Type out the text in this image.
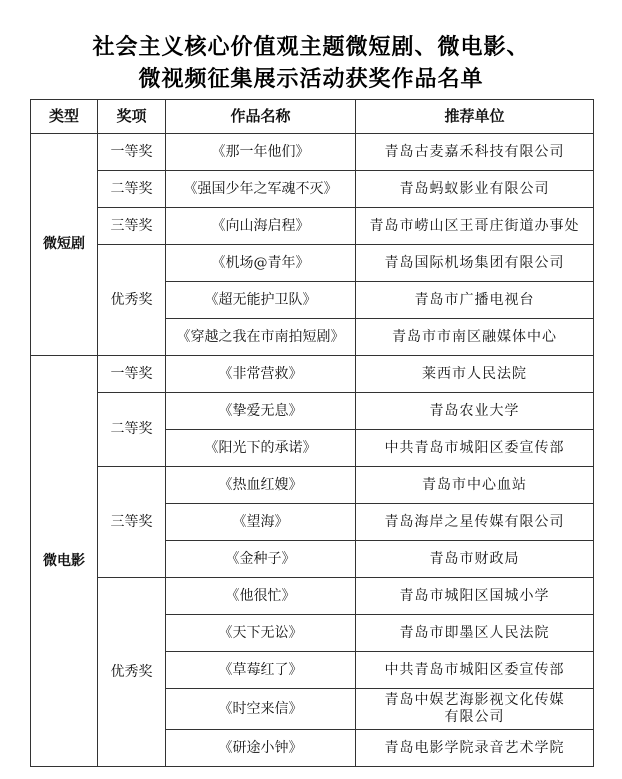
社会主义核心价值观主题微短剧、微电影、
微视频征集展示活动获奖作品名单
类型	奖项	作品名称	推荐单位
微短剧	一等奖	《那一年他们》	青岛古麦嘉禾科技有限公司
	二等奖	《强国少年之军魂不灭》	青岛蚂蚁影业有限公司
	三等奖	《向山海启程》	青岛市崂山区王哥庄街道办事处
	优秀奖	《机场@青年》	青岛国际机场集团有限公司
		《超无能护卫队》	青岛市广播电视台
		《穿越之我在市南拍短剧》	青岛市市南区融媒体中心
微电影	一等奖	《非常营救》	莱西市人民法院
	二等奖	《挚爱无息》	青岛农业大学
		《阳光下的承诺》	中共青岛市城阳区委宣传部
	三等奖	《热血红嫂》	青岛市中心血站
		《望海》	青岛海岸之星传媒有限公司
		《金种子》	青岛市财政局
	优秀奖	《他很忙》	青岛市城阳区国城小学
		《天下无讼》	青岛市即墨区人民法院
		《草莓红了》	中共青岛市城阳区委宣传部
		《时空来信》	青岛中娱艺海影视文化传媒
有限公司

		《研途小钟》	青岛电影学院录音艺术学院
